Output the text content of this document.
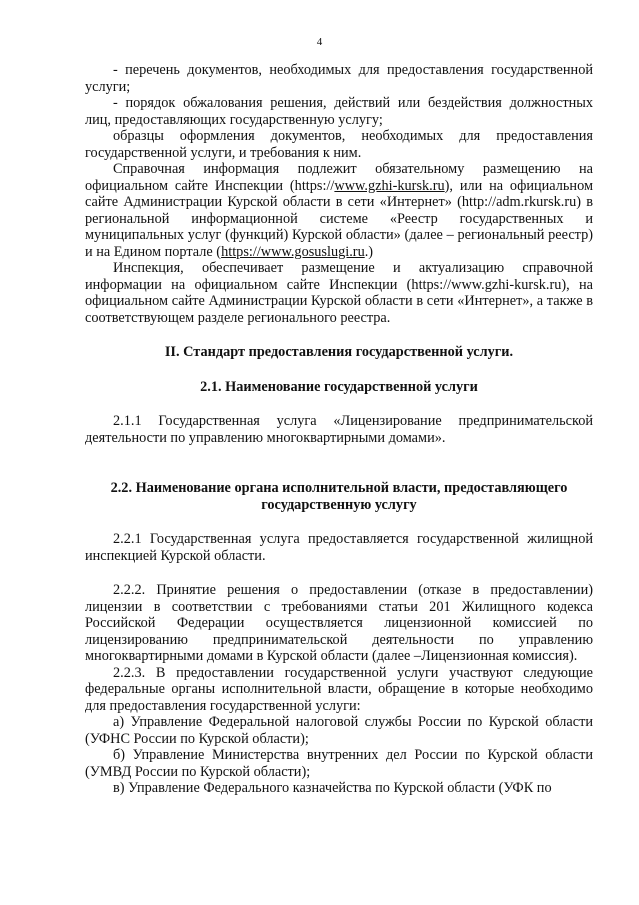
4

- перечень документов, необходимых для предоставления государственной услуги;

- порядок обжалования решения, действий или бездействия должностных лиц, предоставляющих государственную услугу;

образцы оформления документов, необходимых для предоставления государственной услуги, и требования к ним.

Справочная информация подлежит обязательному размещению на официальном сайте Инспекции (https://www.gzhi-kursk.ru), или на официальном сайте Администрации Курской области в сети «Интернет» (http://adm.rkursk.ru) в региональной информационной системе «Реестр государственных и муниципальных услуг (функций) Курской области» (далее – региональный реестр) и на Едином портале (https://www.gosuslugi.ru.)

Инспекция, обеспечивает размещение и актуализацию справочной информации на официальном сайте Инспекции (https://www.gzhi-kursk.ru), на официальном сайте Администрации Курской области в сети «Интернет», а также в соответствующем разделе регионального реестра.

II. Стандарт предоставления государственной услуги.

2.1. Наименование государственной услуги

2.1.1 Государственная услуга «Лицензирование предпринимательской деятельности по управлению многоквартирными домами».

2.2. Наименование органа исполнительной власти, предоставляющего государственную услугу

2.2.1 Государственная услуга предоставляется государственной жилищной инспекцией Курской области.

2.2.2. Принятие решения о предоставлении (отказе в предоставлении) лицензии в соответствии с требованиями статьи 201 Жилищного кодекса Российской Федерации осуществляется лицензионной комиссией по лицензированию предпринимательской деятельности по управлению многоквартирными домами в Курской области (далее –Лицензионная комиссия).

2.2.3. В предоставлении государственной услуги участвуют следующие федеральные органы исполнительной власти, обращение в которые необходимо для предоставления государственной услуги:

а) Управление Федеральной налоговой службы России по Курской области (УФНС России по Курской области);

б) Управление Министерства внутренних дел России по Курской области (УМВД России по Курской области);

в) Управление Федерального казначейства по Курской области (УФК по
